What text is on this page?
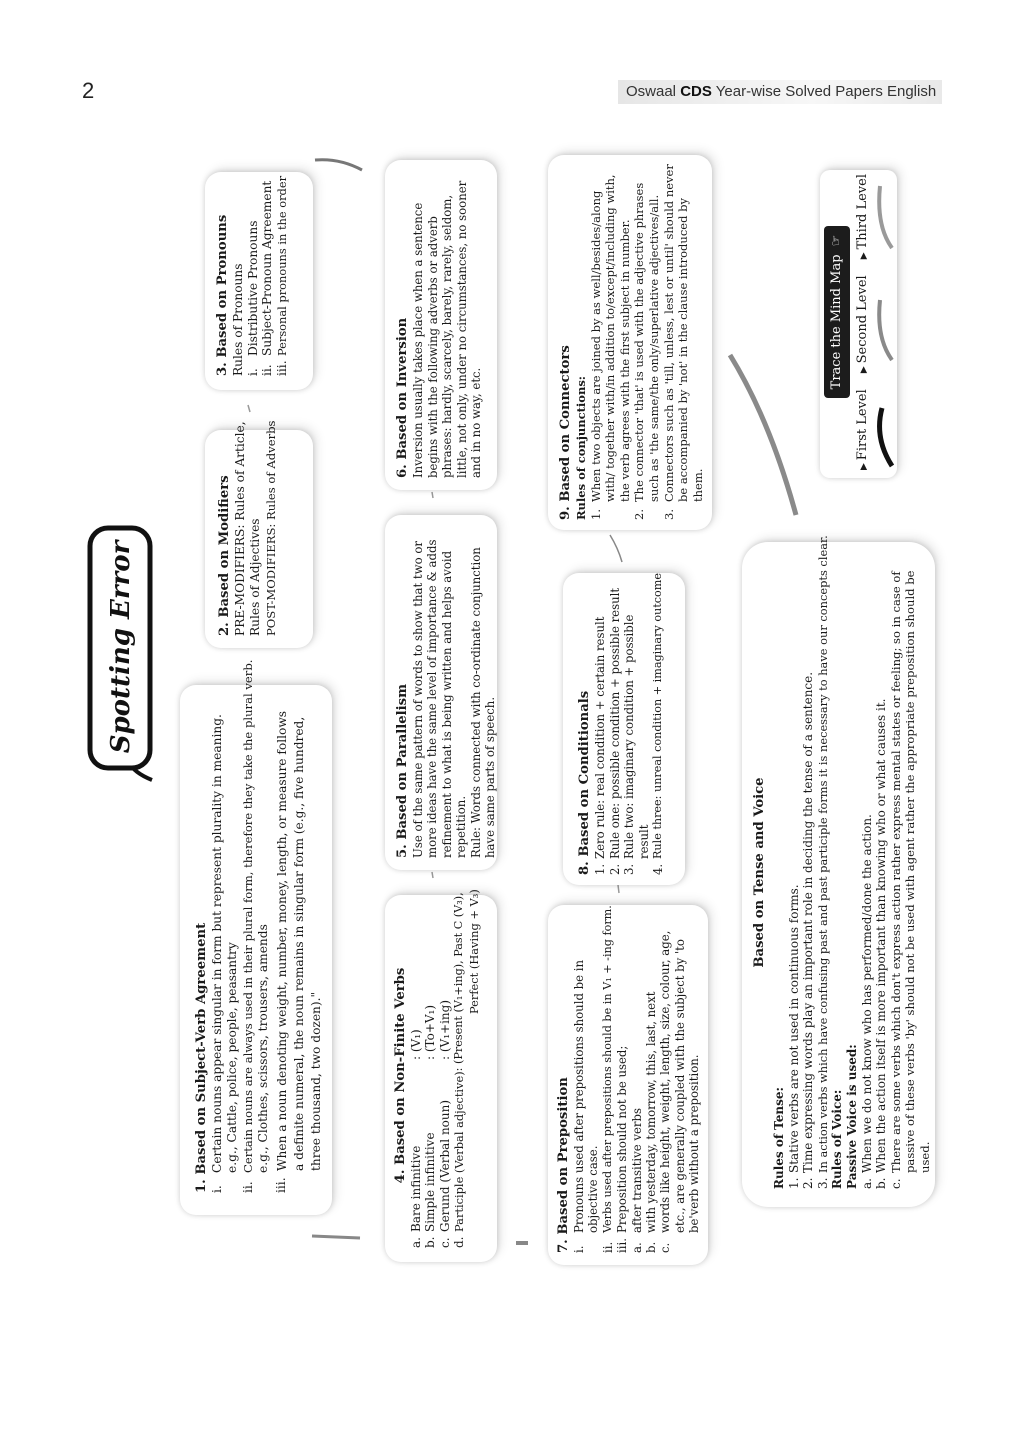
2	Oswaal CDS Year-wise Solved Papers English
Spotting Error
1. Based on Subject-Verb Agreement i.
Certain nouns appear singular in form but represent plurality in meaning. e.g., Cattle, police, people, peasantry
ii.
Certain nouns are always used in their plural form, therefore they take the plural verb. e.g., Clothes, scissors, trousers, amends
iii.
When a noun denoting weight, number, money, length, or measure follows a definite numeral, the noun remains in singular form (e.g., five hundred, three thousand, two dozen)."
2. Based on Modifiers PRE-MODIFIERS: Rules of Article, Rules of Adjectives POST-MODIFIERS: Rules of Adverbs
3. Based on Pronouns Rules of Pronouns i.
Distributive Pronouns
ii.
Subject-Pronoun Agreement
iii.
Personal pronouns in the order
4. Based on Non-Finite Verbs
a.
Bare infinitive
: (V₁)
b.
Simple infinitive
: (To+V₁)
c.
Gerund (Verbal noun)
: (V₁+ing)
d.
Participle (Verbal adjective)
: (Present (V₁+ing), Past C (V₃), Perfect (Having + V₃)
5. Based on Parallelism Use of the same pattern of words to show that two or more ideas have the same level of importance & adds refinement to what is being written and helps avoid repetition. Rule: Words connected with co-ordinate conjunction have same parts of speech.
6. Based on Inversion Inversion usually takes place when a sentence begins with the following adverbs or adverb phrases: hardly, scarcely, barely, rarely, seldom, little, not only, under no circumstances, no sooner and in no way, etc.
7. Based on Preposition i.
Pronouns used after prepositions should be in objective case.
ii.
Verbs used after prepositions should be in V₁ + -ing form.
iii.
Preposition should not be used;
a.
after transitive verbs
b.
with yesterday, tomorrow, this, last, next
c.
words like height, weight, length, size, colour, age, etc., are generally coupled with the subject by 'to be'verb without a preposition.
8. Based on Conditionals 1.
Zero rule: real condition + certain result
2.
Rule one: possible condition + possible result
3.
Rule two: imaginary condition + possible result
4.
Rule three: unreal condition + imaginary outcome
9. Based on Connectors Rules of conjunctions: 1.
When two objects are joined by as well/besides/along with/ together with/in addition to/except/including with, the verb agrees with the first subject in number.
2.
The connector 'that' is used with the adjective phrases such as 'the same/the only/superlative adjectives/all.
3.
Connectors such as 'till, unless, lest or until' should never be accompanied by 'not' in the clause introduced by them.
Based on Tense and Voice
Rules of Tense: 1.
Stative verbs are not used in continuous forms.
2.
Time expressing words play an important role in deciding the tense of a sentence.
3.
In action verbs which have confusing past and past participle forms it is necessary to have our concepts clear. Rules of Voice: Passive Voice is used: a.
When we do not know who has performed/done the action.
b.
When the action itself is more important than knowing who or what causes it.
c.
There are some verbs which don't express action rather express mental states or feeling; so in case of passive of these verbs 'by' should not be used with agent rather the appropriate preposition should be used.
Trace the Mind Map ☞
▶ First Level
▶ Second Level
▶ Third Level
